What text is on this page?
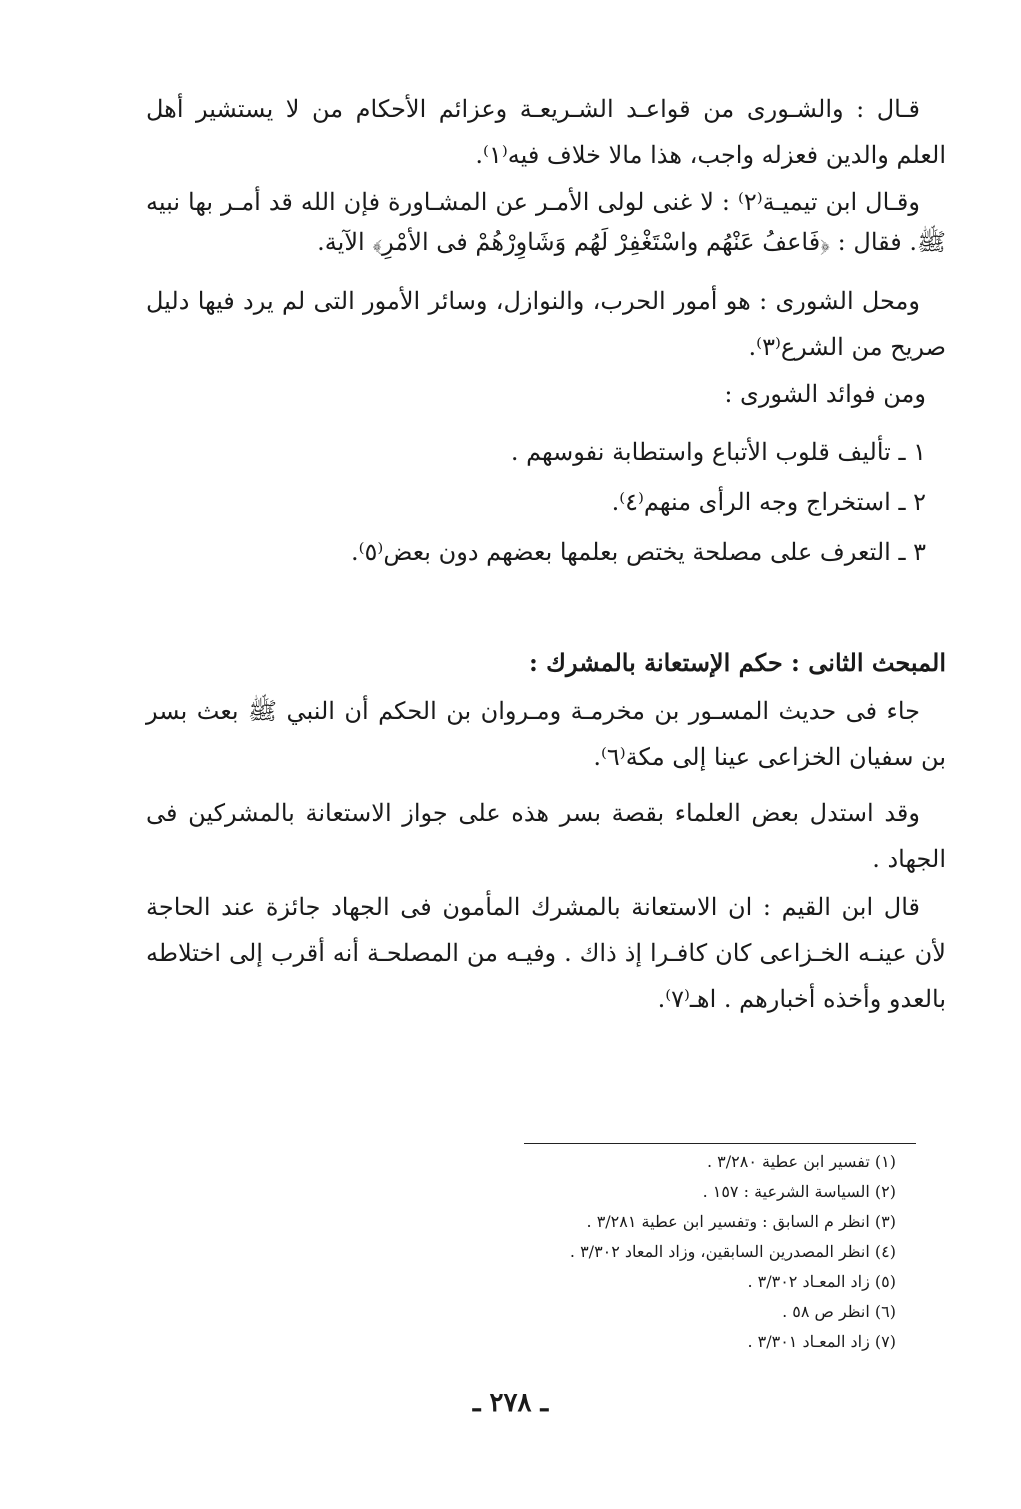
قـال : والشـورى من قواعـد الشـريعـة وعزائم الأحكام من لا يستشير أهل العلم والدين فعزله واجب، هذا مالا خلاف فيه⁽١⁾.

وقـال ابن تيميـة⁽٢⁾ : لا غنى لولى الأمـر عن المشـاورة فإن الله قد أمـر بها نبيه ﷺ. فقال : ﴿فَاعفُ عَنْهُم واسْتَغْفِرْ لَهُم وَشَاوِرْهُمْ فى الأمْرِ﴾ الآية.

ومحل الشورى : هو أمور الحرب، والنوازل، وسائر الأمور التى لم يرد فيها دليل صريح من الشرع⁽٣⁾.

ومن فوائد الشورى :

١ ـ تأليف قلوب الأتباع واستطابة نفوسهم .

٢ ـ استخراج وجه الرأى منهم⁽٤⁾.

٣ ـ التعرف على مصلحة يختص بعلمها بعضهم دون بعض⁽٥⁾.

المبحث الثانى : حكم الإستعانة بالمشرك :

جاء فى حديث المسـور بن مخرمـة ومـروان بن الحكم أن النبي ﷺ بعث بسر بن سفيان الخزاعى عينا إلى مكة⁽٦⁾.

وقد استدل بعض العلماء بقصة بسر هذه على جواز الاستعانة بالمشركين فى الجهاد .

قال ابن القيم : ان الاستعانة بالمشرك المأمون فى الجهاد جائزة عند الحاجة لأن عينـه الخـزاعى كان كافـرا إذ ذاك . وفيـه من المصلحـة أنه أقرب إلى اختلاطه بالعدو وأخذه أخبارهم . اهـ⁽٧⁾.

(١) تفسير ابن عطية ٣/٢٨٠ .

(٢) السياسة الشرعية : ١٥٧ .

(٣) انظر م السابق : وتفسير ابن عطية ٣/٢٨١ .

(٤) انظر المصدرين السابقين، وزاد المعاد ٣/٣٠٢ .

(٥) زاد المعـاد ٣/٣٠٢ .

(٦) انظر ص ٥٨ .

(٧) زاد المعـاد ٣/٣٠١ .

ـ ٢٧٨ ـ
